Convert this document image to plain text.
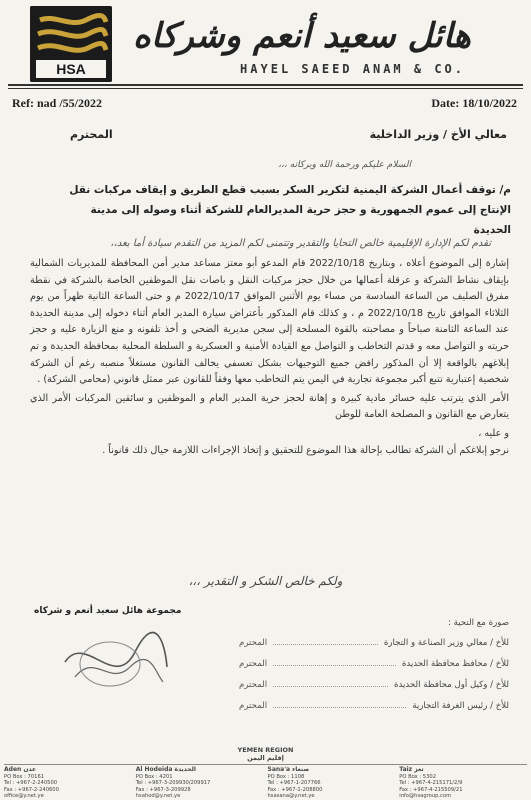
HSA
هائل سعيد أنعم وشركاه
HAYEL SAEED ANAM & CO.
Ref: nad /55/2022	Date: 18/10/2022
معالي الأخ / وزير الداخلية
المحترم
السلام عليكم ورحمة الله وبركاته ،،،
م/ توقف أعمال الشركة اليمنية لتكرير السكر بسبب قطع الطريق و إيقاف مركبات نقل الإنتاج إلى عموم الجمهورية و حجز حرية المديرالعام للشركة أثناء وصوله إلى مدينة الحديدة
تقدم لكم الإدارة الإقليمية خالص التحايا والتقدير وتتمنى لكم المزيد من التقدم سيادة أما بعد،،

إشارة إلى الموضوع أعلاه ، وبتاريخ 2022/10/18 قام المدعو أبو معتز مساعد مدير أمن المحافظة للمديريات الشمالية بإيقاف نشاط الشركة و عرقلة أعمالها من خلال حجز مركبات النقل و باصات نقل الموظفين الخاصة بالشركة في نقطة مفرق الصليف من الساعة السادسة من مساء يوم الأثنين الموافق 2022/10/17 م و حتى الساعة الثانية ظهراً من يوم الثلاثاء الموافق تاريخ 2022/10/18 م ، و كذلك قام المذكور بأعتراض سيارة المدير العام أثناء دخوله إلى مدينة الحديدة عند الساعة الثامنة صباحاً و مصاحبته بالقوة المسلحة إلى سجن مديرية الضحي و أخذ تلفونه و منع الزيارة عليه و حجز حريته و التواصل معه و قدتم التخاطب و التواصل مع القيادة الأمنية و العسكرية و السلطة المحلية بمحافظة الحديدة و تم إبلاغهم بالواقعة إلا أن المذكور رافض جميع التوجيهات بشكل تعسفي يخالف القانون مستغلاً منصبه رغم أن الشركة شخصية إعتبارية تتبع أكبر مجموعة تجارية في اليمن يتم التخاطب معها وفقاً للقانون عبر ممثل قانوني (محامي الشركة) .

الأمر الذي يترتب عليه خسائر مادية كبيرة و إهانة لحجز حرية المدير العام و الموظفين و سائقين المركبات الأمر الذي يتعارض مع القانون و المصلحة العامة للوطن

و عليه ،

نرجو إبلاغكم أن الشركة تطالب بإحالة هذا الموضوع للتحقيق و إتخاذ الإجراءات اللازمة حيال ذلك قانوناً .

ولكم خالص الشكر و التقدير ،،،
مجموعة هائل سعيد أنعم و شركاه
صورة مع التحية :
للأخ / معالي وزير الصناعة و التجارة
المحترم
للأخ / محافظ محافظة الحديدة
المحترم
للأخ / وكيل أول محافظة الحديدة
المحترم
للأخ / رئيس الغرفة التجارية
المحترم
YEMEN REGION
إقليم اليمن
Aden عدن
PO Box : 70161
Tel : +967-2-240500
Fax : +967-2-240600
office@y.net.ye
Al Hodeida الحديدة
PO Box : 4201
Tel : +967-3-209930/209917
Fax : +967-3-209928
hsahod@y.net.ye
Sana'a صنعاء
PO Box : 1108
Tel : +967-1-207766
Fax : +967-1-208800
hsasana@y.net.ye
Taiz تعز
PO Box : 5302
Tel : +967-4-215171/2/9
Fax : +967-4-215509/21
info@hsagroup.com
